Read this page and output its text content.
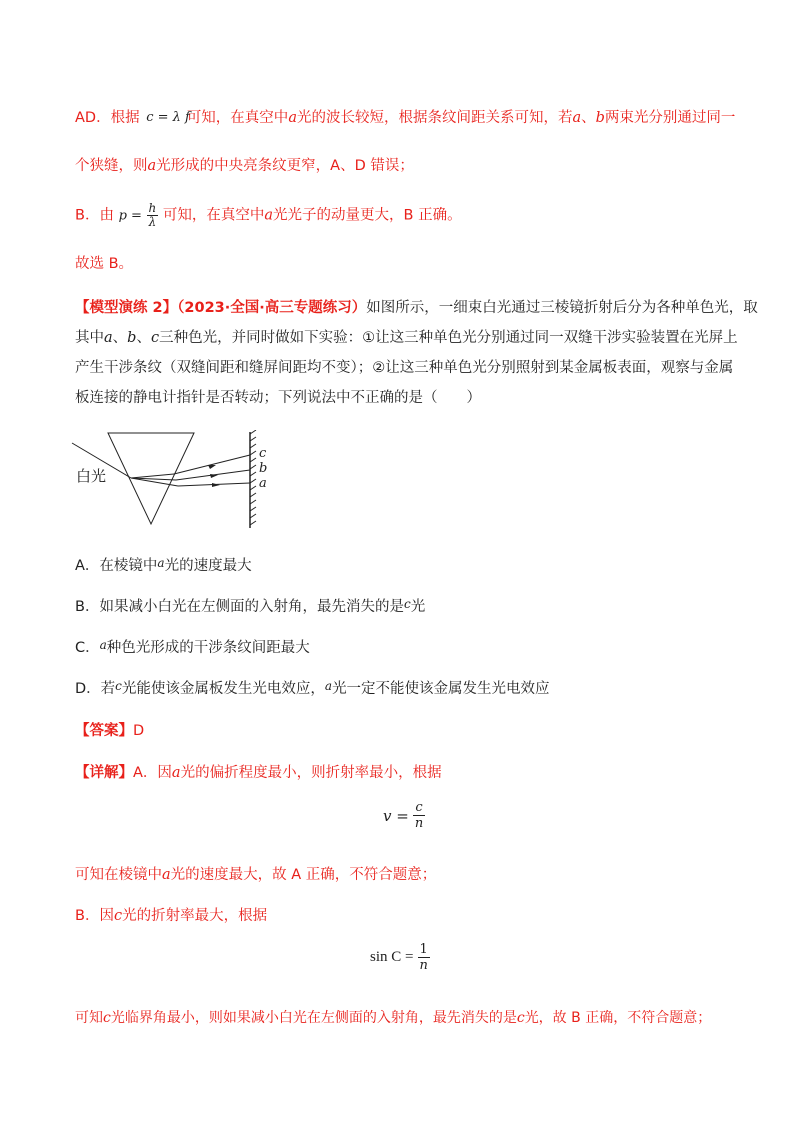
AD．根据 c = λ f
可知，在真空中a光的波长较短，根据条纹间距关系可知，若a、b两束光分别通过同一
个狭缝，则a光形成的中央亮条纹更窄，A、D 错误；
B．由 $p = \frac{h}{\lambda}$ 可知，在真空中a光光子的动量更大，B 正确。
故选 B。
【模型演练 2】（2023·全国·高三专题练习）如图所示，一细束白光通过三棱镜折射后分为各种单色光，取
其中a、b、c三种色光，并同时做如下实验：①让这三种单色光分别通过同一双缝干涉实验装置在光屏上
产生干涉条纹（双缝间距和缝屏间距均不变）；②让这三种单色光分别照射到某金属板表面，观察与金属
板连接的静电计指针是否转动；下列说法中不正确的是（　　）
白光
c
b
a
A．在棱镜中$^a$光的速度最大
B．如果减小白光在左侧面的入射角，最先消失的是$^c$光
C．$^a$种色光形成的干涉条纹间距最大
D．若$^c$光能使该金属板发生光电效应，$^a$光一定不能使该金属发生光电效应
【答案】D
【详解】A．因a光的偏折程度最小，则折射率最小，根据
$v = \frac{c}{n}$
可知在棱镜中a光的速度最大，故 A 正确，不符合题意；
B．因c光的折射率最大，根据
$\sin C = \frac{1}{n}$
可知c光临界角最小，则如果减小白光在左侧面的入射角，最先消失的是c光，故 B 正确，不符合题意；
